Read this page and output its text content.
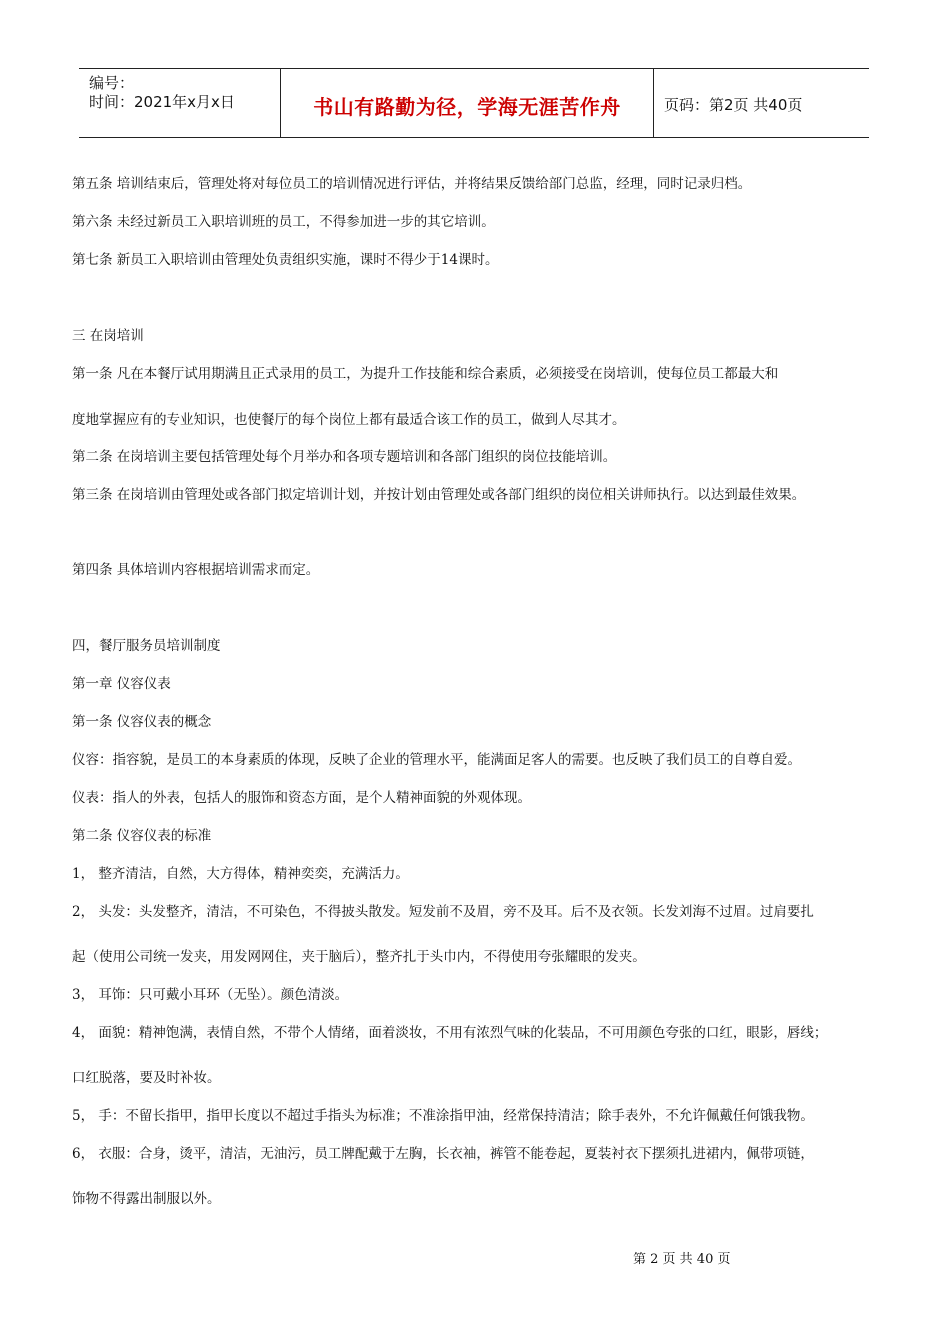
编号：
时间：2021年x月x日	书山有路勤为径，学海无涯苦作舟	页码：第2页 共40页
第五条 培训结束后，管理处将对每位员工的培训情况进行评估，并将结果反馈给部门总监，经理，同时记录归档。
第六条 未经过新员工入职培训班的员工，不得参加进一步的其它培训。
第七条 新员工入职培训由管理处负责组织实施，课时不得少于14课时。
三 在岗培训
第一条 凡在本餐厅试用期满且正式录用的员工，为提升工作技能和综合素质，必须接受在岗培训，使每位员工都最大和
度地掌握应有的专业知识，也使餐厅的每个岗位上都有最适合该工作的员工，做到人尽其才。
第二条 在岗培训主要包括管理处每个月举办和各项专题培训和各部门组织的岗位技能培训。
第三条 在岗培训由管理处或各部门拟定培训计划，并按计划由管理处或各部门组织的岗位相关讲师执行。以达到最佳效果。
第四条 具体培训内容根据培训需求而定。
四，餐厅服务员培训制度
第一章 仪容仪表
第一条 仪容仪表的概念
仪容：指容貌，是员工的本身素质的体现，反映了企业的管理水平，能满面足客人的需要。也反映了我们员工的自尊自爱。
仪表：指人的外表，包括人的服饰和资态方面，是个人精神面貌的外观体现。
第二条 仪容仪表的标准
1， 整齐清洁，自然，大方得体，精神奕奕，充满活力。
2， 头发：头发整齐，清洁，不可染色，不得披头散发。短发前不及眉，旁不及耳。后不及衣领。长发刘海不过眉。过肩要扎
起（使用公司统一发夹，用发网网住，夹于脑后），整齐扎于头巾内，不得使用夸张耀眼的发夹。
3， 耳饰：只可戴小耳环（无坠）。颜色清淡。
4， 面貌：精神饱满，表情自然，不带个人情绪，面着淡妆，不用有浓烈气味的化装品，不可用颜色夸张的口红，眼影，唇线；
口红脱落，要及时补妆。
5， 手：不留长指甲，指甲长度以不超过手指头为标准；不准涂指甲油，经常保持清洁；除手表外，不允许佩戴任何饿我物。
6， 衣服：合身，烫平，清洁，无油污，员工牌配戴于左胸，长衣袖，裤管不能卷起，夏装衬衣下摆须扎进裙内，佩带项链，
饰物不得露出制服以外。
第 2 页 共 40 页
